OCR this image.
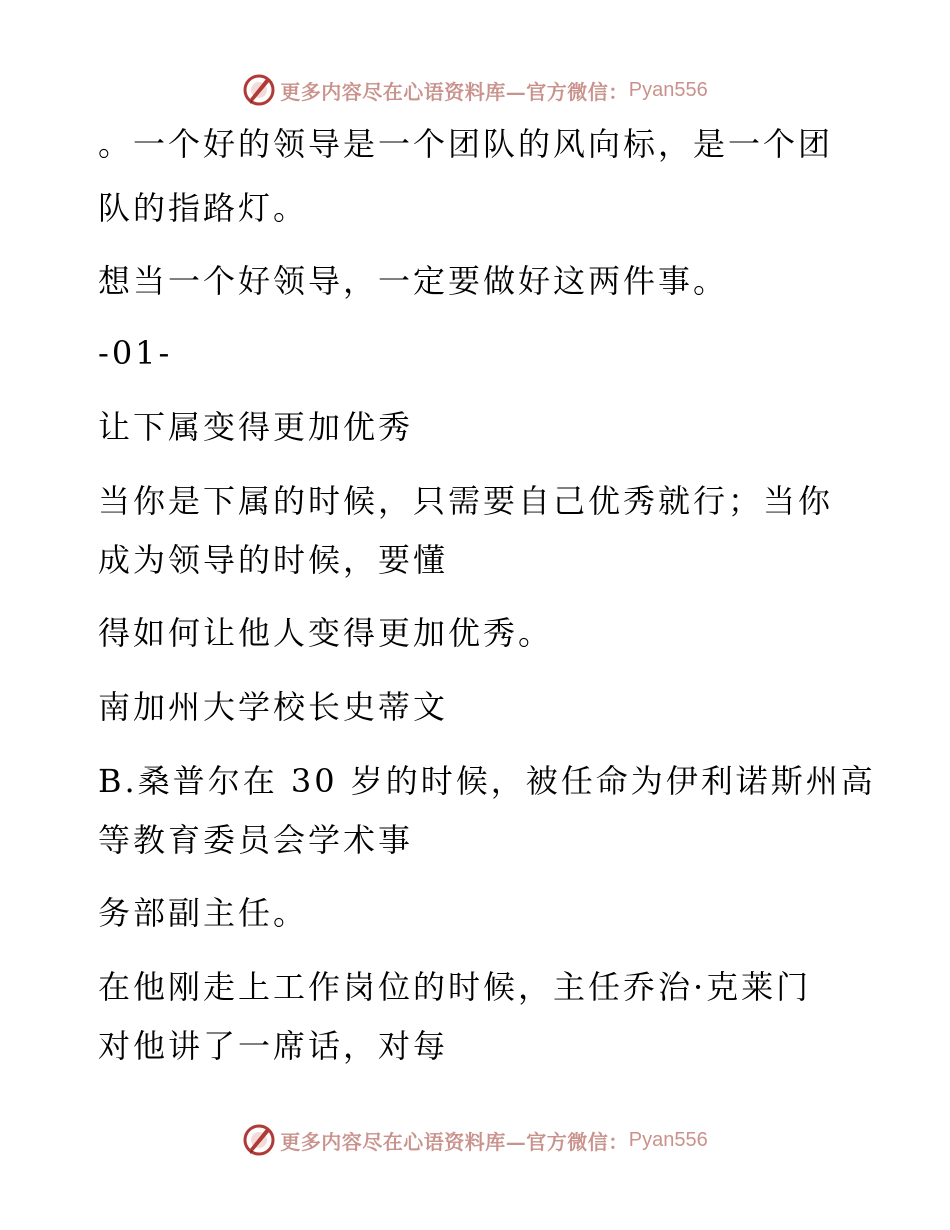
更多内容尽在心语资料库—官方微信： Pyan556
。一个好的领导是一个团队的风向标，是一个团
队的指路灯。
想当一个好领导，一定要做好这两件事。
-01-
让下属变得更加优秀
当你是下属的时候，只需要自己优秀就行；当你
成为领导的时候，要懂
得如何让他人变得更加优秀。
南加州大学校长史蒂文
B.桑普尔在 30 岁的时候，被任命为伊利诺斯州高
等教育委员会学术事
务部副主任。
在他刚走上工作岗位的时候，主任乔治·克莱门
对他讲了一席话，对每
更多内容尽在心语资料库—官方微信： Pyan556
